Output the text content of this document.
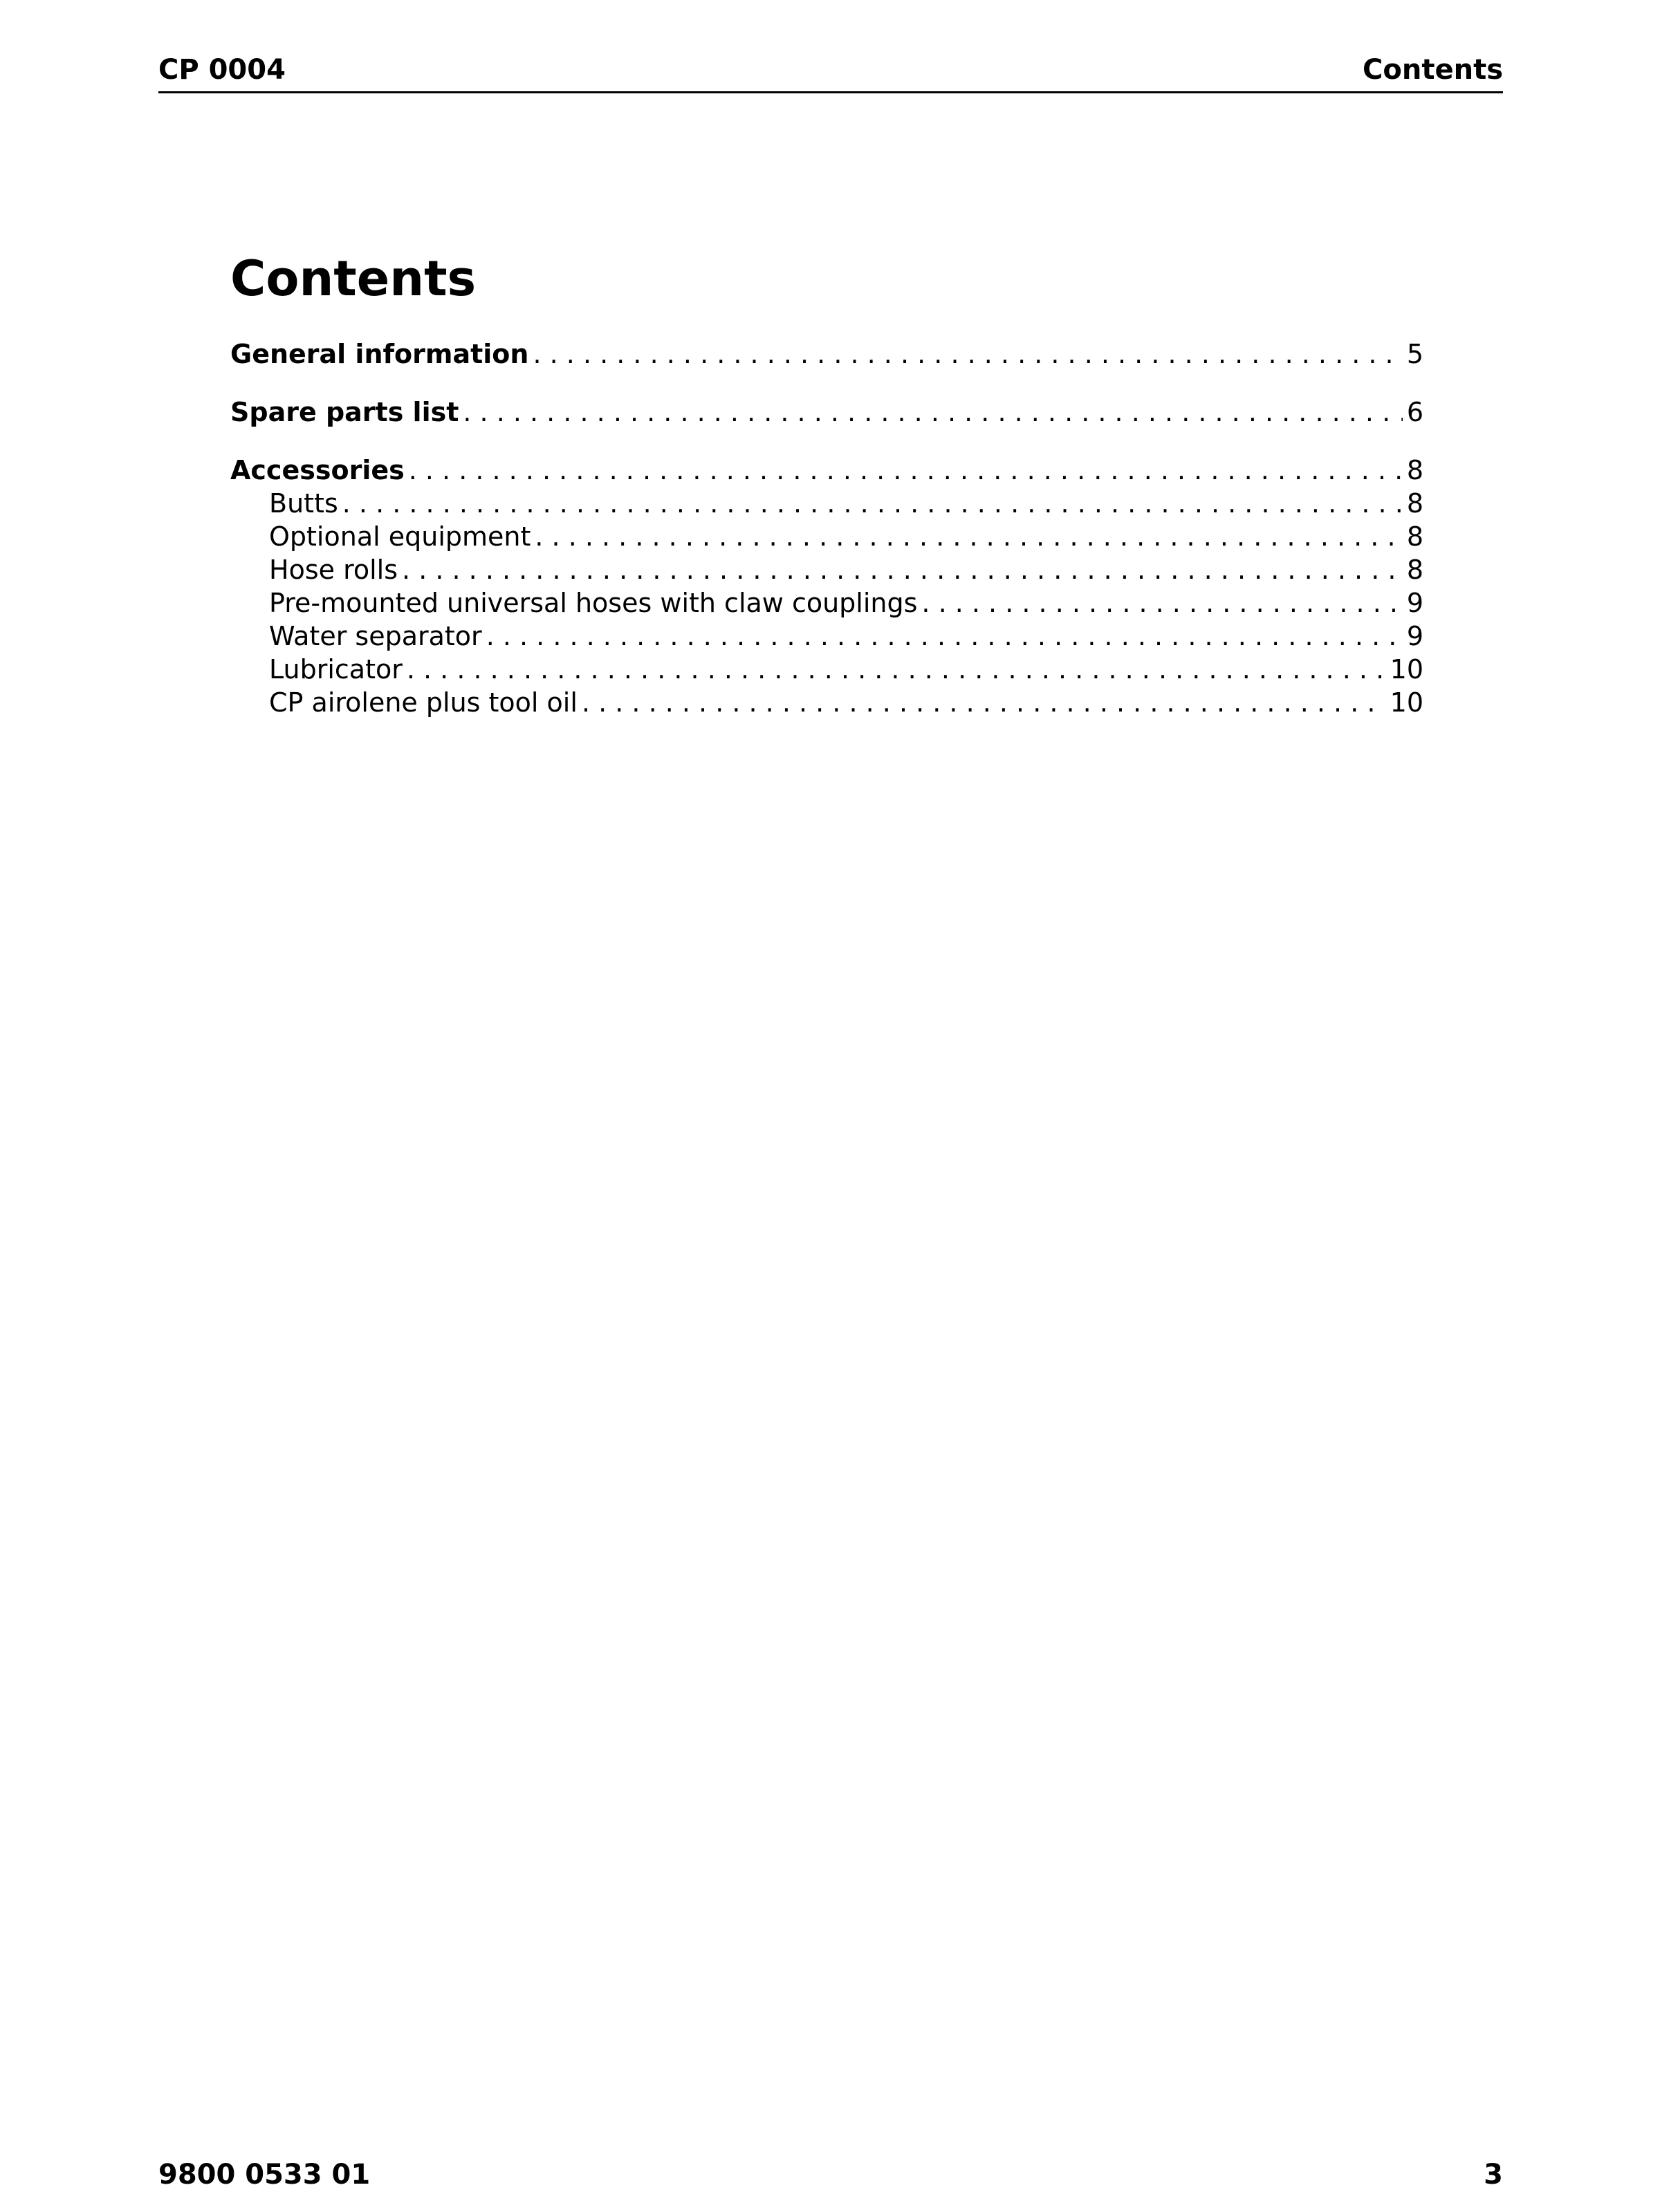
CP 0004	Contents
Contents
General information . . .	5
Spare parts list . . .	6
Accessories . . .	8
Butts . . .	8
Optional equipment . . .	8
Hose rolls . . .	8
Pre-mounted universal hoses with claw couplings . . .	9
Water separator . . .	9
Lubricator . . .	10
CP airolene plus tool oil . . .	10
9800 0533 01	3
